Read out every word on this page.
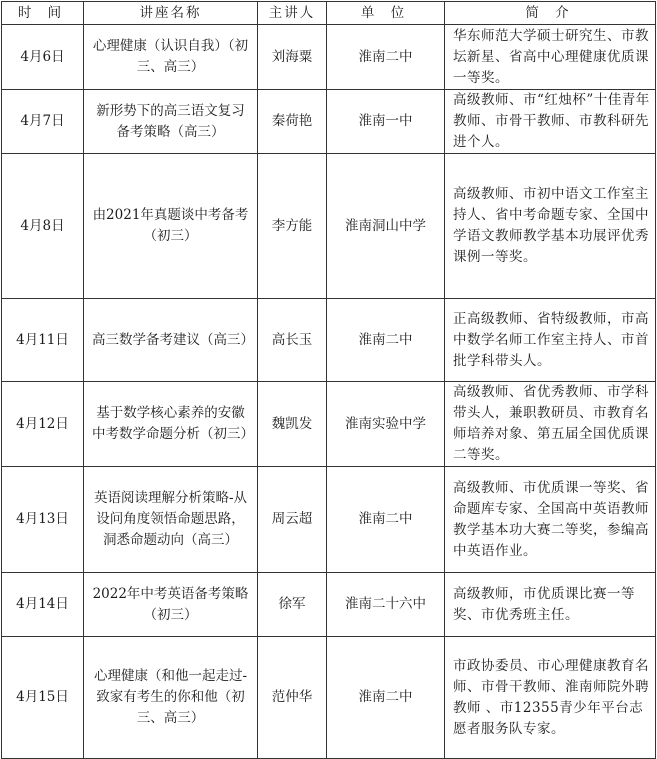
时 间	讲座名称	主讲人	单 位	简 介
4月6日	心理健康（认识自我）（初三、高三）	刘海粟	淮南二中	华东师范大学硕士研究生、市教坛新星、省高中心理健康优质课一等奖。
4月7日	新形势下的高三语文复习备考策略（高三）	秦荷艳	淮南一中	高级教师、市“红烛杯”十佳青年教师、市骨干教师、市教科研先进个人。
4月8日	由2021年真题谈中考备考（初三）	李方能	淮南洞山中学	高级教师、市初中语文工作室主持人、省中考命题专家、全国中学语文教师教学基本功展评优秀课例一等奖。
4月11日	高三数学备考建议（高三）	高长玉	淮南二中	正高级教师、省特级教师，市高中数学名师工作室主持人、市首批学科带头人。
4月12日	基于数学核心素养的安徽中考数学命题分析（初三）	魏凯发	淮南实验中学	高级教师、省优秀教师、市学科带头人，兼职教研员、市教育名师培养对象、第五届全国优质课二等奖。
4月13日	英语阅读理解分析策略-从设问角度领悟命题思路，洞悉命题动向（高三）	周云超	淮南二中	高级教师、市优质课一等奖、省命题库专家、全国高中英语教师教学基本功大赛二等奖，参编高中英语作业。
4月14日	2022年中考英语备考策略（初三）	徐军	淮南二十六中	高级教师，市优质课比赛一等奖、市优秀班主任。
4月15日	心理健康（和他一起走过-致家有考生的你和他（初三、高三）	范仲华	淮南二中	市政协委员、市心理健康教育名师、市骨干教师、淮南师院外聘教师 、市12355青少年平台志愿者服务队专家。
